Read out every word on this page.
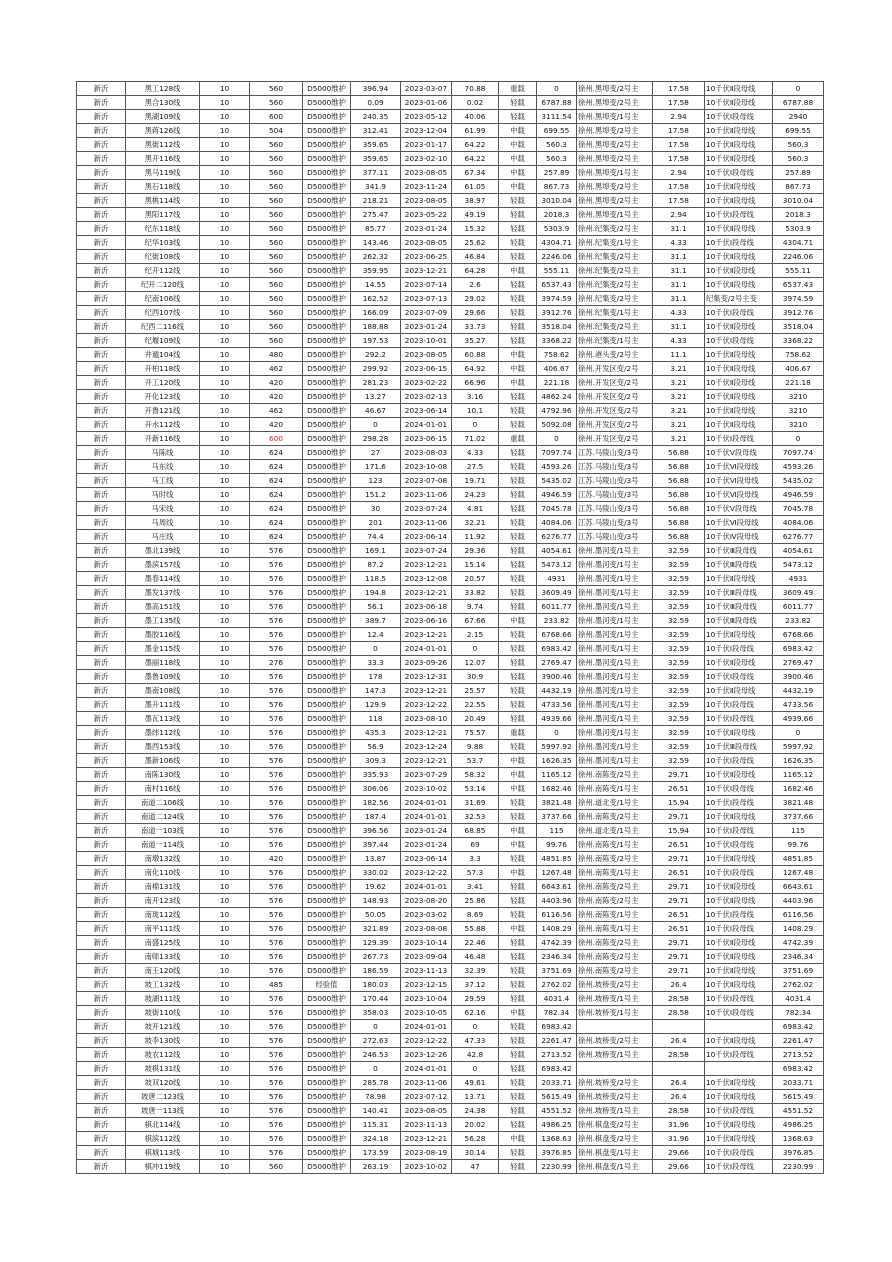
新沂	黑工128线	10	560	D5000维护	396.94	2023-03-07	70.88	重载	0	徐州.黑埠变/2号主	17.58	10千伏Ⅱ段母线	0
新沂	黑合130线	10	560	D5000维护	0.09	2023-01-06	0.02	轻载	6787.88	徐州.黑埠变/2号主	17.58	10千伏Ⅱ段母线	6787.88
新沂	黑湖109线	10	600	D5000维护	240.35	2023-05-12	40.06	轻载	3111.54	徐州.黑埠变/1号主	2.94	10千伏Ⅰ段母线	2940
新沂	黑蒋126线	10	504	D5000维护	312.41	2023-12-04	61.99	中载	699.55	徐州.黑埠变/2号主	17.58	10千伏Ⅱ段母线	699.55
新沂	黑街112线	10	560	D5000维护	359.65	2023-01-17	64.22	中载	560.3	徐州.黑埠变/2号主	17.58	10千伏Ⅱ段母线	560.3
新沂	黑开116线	10	560	D5000维护	359.65	2023-02-10	64.22	中载	560.3	徐州.黑埠变/2号主	17.58	10千伏Ⅱ段母线	560.3
新沂	黑马119线	10	560	D5000维护	377.11	2023-08-05	67.34	中载	257.89	徐州.黑埠变/1号主	2.94	10千伏Ⅰ段母线	257.89
新沂	黑石118线	10	560	D5000维护	341.9	2023-11-24	61.05	中载	867.73	徐州.黑埠变/2号主	17.58	10千伏Ⅱ段母线	867.73
新沂	黑桃114线	10	560	D5000维护	218.21	2023-08-05	38.97	轻载	3010.04	徐州.黑埠变/2号主	17.58	10千伏Ⅱ段母线	3010.04
新沂	黑阳117线	10	560	D5000维护	275.47	2023-05-22	49.19	轻载	2018.3	徐州.黑埠变/1号主	2.94	10千伏Ⅰ段母线	2018.3
新沂	纪东118线	10	560	D5000维护	85.77	2023-01-24	15.32	轻载	5303.9	徐州.纪集变/2号主	31.1	10千伏Ⅱ段母线	5303.9
新沂	纪华103线	10	560	D5000维护	143.46	2023-08-05	25.62	轻载	4304.71	徐州.纪集变/1号主	4.33	10千伏Ⅰ段母线	4304.71
新沂	纪街108线	10	560	D5000维护	262.32	2023-06-25	46.84	轻载	2246.06	徐州.纪集变/2号主	31.1	10千伏Ⅱ段母线	2246.06
新沂	纪开112线	10	560	D5000维护	359.95	2023-12-21	64.28	中载	555.11	徐州.纪集变/2号主	31.1	10千伏Ⅱ段母线	555.11
新沂	纪开二120线	10	560	D5000维护	14.55	2023-07-14	2.6	轻载	6537.43	徐州.纪集变/2号主	31.1	10千伏Ⅱ段母线	6537.43
新沂	纪南106线	10	560	D5000维护	162.52	2023-07-13	29.02	轻载	3974.59	徐州.纪集变/2号主	31.1	纪集变/2号主变	3974.59
新沂	纪西107线	10	560	D5000维护	166.09	2023-07-09	29.66	轻载	3912.76	徐州.纪集变/1号主	4.33	10千伏Ⅰ段母线	3912.76
新沂	纪西二116线	10	560	D5000维护	188.88	2023-01-24	33.73	轻载	3518.04	徐州.纪集变/2号主	31.1	10千伏Ⅱ段母线	3518.04
新沂	纪堰109线	10	560	D5000维护	197.53	2023-10-01	35.27	轻载	3368.22	徐州.纪集变/1号主	4.33	10千伏Ⅰ段母线	3368.22
新沂	井遁104线	10	480	D5000维护	292.2	2023-08-05	60.88	中载	758.62	徐州.港头变/2号主	11.1	10千伏Ⅱ段母线	758.62
新沂	开柏118线	10	462	D5000维护	299.92	2023-06-15	64.92	中载	406.67	徐州.开发区变/2号	3.21	10千伏Ⅱ段母线	406.67
新沂	开工120线	10	420	D5000维护	281.23	2023-02-22	66.96	中载	221.18	徐州.开发区变/2号	3.21	10千伏Ⅱ段母线	221.18
新沂	开化123线	10	420	D5000维护	13.27	2023-02-13	3.16	轻载	4862.24	徐州.开发区变/2号	3.21	10千伏Ⅱ段母线	3210
新沂	开鲁121线	10	462	D5000维护	46.67	2023-06-14	10.1	轻载	4792.96	徐州.开发区变/2号	3.21	10千伏Ⅱ段母线	3210
新沂	开水112线	10	420	D5000维护	0	2024-01-01	0	轻载	5092.08	徐州.开发区变/2号	3.21	10千伏Ⅱ段母线	3210
新沂	开新116线	10	600	D5000维护	298.28	2023-06-15	71.02	重载	0	徐州.开发区变/2号	3.21	10千伏Ⅰ段母线	0
新沂	马陈线	10	624	D5000维护	27	2023-08-03	4.33	轻载	7097.74	江苏.马陵山变/3号	56.88	10千伏Ⅴ段母线	7097.74
新沂	马东线	10	624	D5000维护	171.6	2023-10-08	27.5	轻载	4593.26	江苏.马陵山变/3号	56.88	10千伏Ⅵ段母线	4593.26
新沂	马工线	10	624	D5000维护	123	2023-07-08	19.71	轻载	5435.02	江苏.马陵山变/3号	56.88	10千伏Ⅵ段母线	5435.02
新沂	马时线	10	624	D5000维护	151.2	2023-11-06	24.23	轻载	4946.59	江苏.马陵山变/3号	56.88	10千伏Ⅵ段母线	4946.59
新沂	马宋线	10	624	D5000维护	30	2023-07-24	4.81	轻载	7045.78	江苏.马陵山变/3号	56.88	10千伏Ⅴ段母线	7045.78
新沂	马周线	10	624	D5000维护	201	2023-11-06	32.21	轻载	4084.06	江苏.马陵山变/3号	56.88	10千伏Ⅵ段母线	4084.06
新沂	马庄线	10	624	D5000维护	74.4	2023-06-14	11.92	轻载	6276.77	江苏.马陵山变/3号	56.88	10千伏Ⅳ段母线	6276.77
新沂	墨北139线	10	576	D5000维护	169.1	2023-07-24	29.36	轻载	4054.61	徐州.墨河变/1号主	32.59	10千伏Ⅲ段母线	4054.61
新沂	墨滨157线	10	576	D5000维护	87.2	2023-12-21	15.14	轻载	5473.12	徐州.墨河变/1号主	32.59	10千伏Ⅲ段母线	5473.12
新沂	墨春114线	10	576	D5000维护	118.5	2023-12-08	20.57	轻载	4931	徐州.墨河变/1号主	32.59	10千伏Ⅱ段母线	4931
新沂	墨发137线	10	576	D5000维护	194.8	2023-12-21	33.82	轻载	3609.49	徐州.墨河变/1号主	32.59	10千伏Ⅲ段母线	3609.49
新沂	墨高151线	10	576	D5000维护	56.1	2023-06-18	9.74	轻载	6011.77	徐州.墨河变/1号主	32.59	10千伏Ⅲ段母线	6011.77
新沂	墨工135线	10	576	D5000维护	389.7	2023-06-16	67.66	中载	233.82	徐州.墨河变/1号主	32.59	10千伏Ⅲ段母线	233.82
新沂	墨胶116线	10	576	D5000维护	12.4	2023-12-21	2.15	轻载	6768.66	徐州.墨河变/1号主	32.59	10千伏Ⅱ段母线	6768.66
新沂	墨金115线	10	576	D5000维护	0	2024-01-01	0	轻载	6983.42	徐州.墨河变/1号主	32.59	10千伏Ⅰ段母线	6983.42
新沂	墨丽118线	10	276	D5000维护	33.3	2023-09-26	12.07	轻载	2769.47	徐州.墨河变/1号主	32.59	10千伏Ⅱ段母线	2769.47
新沂	墨鲁109线	10	576	D5000维护	178	2023-12-31	30.9	轻载	3900.46	徐州.墨河变/1号主	32.59	10千伏Ⅰ段母线	3900.46
新沂	墨南108线	10	576	D5000维护	147.3	2023-12-21	25.57	轻载	4432.19	徐州.墨河变/1号主	32.59	10千伏Ⅱ段母线	4432.19
新沂	墨升111线	10	576	D5000维护	129.9	2023-12-22	22.55	轻载	4733.56	徐州.墨河变/1号主	32.59	10千伏Ⅰ段母线	4733.56
新沂	墨瓦113线	10	576	D5000维护	118	2023-08-10	20.49	轻载	4939.66	徐州.墨河变/1号主	32.59	10千伏Ⅰ段母线	4939.66
新沂	墨纬112线	10	576	D5000维护	435.3	2023-12-21	75.57	重载	0	徐州.墨河变/1号主	32.59	10千伏Ⅱ段母线	0
新沂	墨西153线	10	576	D5000维护	56.9	2023-12-24	9.88	轻载	5997.92	徐州.墨河变/1号主	32.59	10千伏Ⅲ段母线	5997.92
新沂	墨新106线	10	576	D5000维护	309.3	2023-12-21	53.7	中载	1626.35	徐州.墨河变/1号主	32.59	10千伏Ⅰ段母线	1626.35
新沂	南陈130线	10	576	D5000维护	335.93	2023-07-29	58.32	中载	1165.12	徐州.南陈变/2号主	29.71	10千伏Ⅱ段母线	1165.12
新沂	南村116线	10	576	D5000维护	306.06	2023-10-02	53.14	中载	1682.46	徐州.南陈变/1号主	26.51	10千伏Ⅰ段母线	1682.46
新沂	南道二106线	10	576	D5000维护	182.56	2024-01-01	31.69	轻载	3821.48	徐州.道北变/1号主	15.94	10千伏Ⅰ段母线	3821.48
新沂	南道二124线	10	576	D5000维护	187.4	2024-01-01	32.53	轻载	3737.66	徐州.南陈变/2号主	29.71	10千伏Ⅱ段母线	3737.66
新沂	南道一103线	10	576	D5000维护	396.56	2023-01-24	68.85	中载	115	徐州.道北变/1号主	15.94	10千伏Ⅰ段母线	115
新沂	南道一114线	10	576	D5000维护	397.44	2023-01-24	69	中载	99.76	徐州.南陈变/1号主	26.51	10千伏Ⅰ段母线	99.76
新沂	南墩132线	10	420	D5000维护	13.87	2023-06-14	3.3	轻载	4851.85	徐州.南陈变/2号主	29.71	10千伏Ⅱ段母线	4851.85
新沂	南化110线	10	576	D5000维护	330.02	2023-12-22	57.3	中载	1267.48	徐州.南陈变/1号主	26.51	10千伏Ⅰ段母线	1267.48
新沂	南棉131线	10	576	D5000维护	19.62	2024-01-01	3.41	轻载	6643.61	徐州.南陈变/2号主	29.71	10千伏Ⅱ段母线	6643.61
新沂	南开123线	10	576	D5000维护	148.93	2023-08-20	25.86	轻载	4403.96	徐州.南陈变/2号主	29.71	10千伏Ⅱ段母线	4403.96
新沂	南珑112线	10	576	D5000维护	50.05	2023-03-02	8.69	轻载	6116.56	徐州.南陈变/1号主	26.51	10千伏Ⅰ段母线	6116.56
新沂	南平111线	10	576	D5000维护	321.89	2023-08-08	55.88	中载	1408.29	徐州.南陈变/1号主	26.51	10千伏Ⅰ段母线	1408.29
新沂	南盛125线	10	576	D5000维护	129.39	2023-10-14	22.46	轻载	4742.39	徐州.南陈变/2号主	29.71	10千伏Ⅱ段母线	4742.39
新沂	南师133线	10	576	D5000维护	267.73	2023-09-04	46.48	轻载	2346.34	徐州.南陈变/2号主	29.71	10千伏Ⅱ段母线	2346.34
新沂	南王120线	10	576	D5000维护	186.59	2023-11-13	32.39	轻载	3751.69	徐州.南陈变/2号主	29.71	10千伏Ⅱ段母线	3751.69
新沂	坡工132线	10	485	经验值	180.03	2023-12-15	37.12	轻载	2762.02	徐州.坡桥变/2号主	26.4	10千伏Ⅱ段母线	2762.02
新沂	坡湖111线	10	576	D5000维护	170.44	2023-10-04	29.59	轻载	4031.4	徐州.坡桥变/1号主	28.58	10千伏Ⅰ段母线	4031.4
新沂	坡街110线	10	576	D5000维护	358.03	2023-10-05	62.16	中载	782.34	徐州.坡桥变/1号主	28.58	10千伏Ⅰ段母线	782.34
新沂	坡开121线	10	576	D5000维护	0	2024-01-01	0	轻载	6983.42				6983.42
新沂	坡李130线	10	576	D5000维护	272.63	2023-12-22	47.33	轻载	2261.47	徐州.坡桥变/2号主	26.4	10千伏Ⅱ段母线	2261.47
新沂	坡农112线	10	576	D5000维护	246.53	2023-12-26	42.8	轻载	2713.52	徐州.坡桥变/1号主	28.58	10千伏Ⅰ段母线	2713.52
新沂	坡棋131线	10	576	D5000维护	0	2024-01-01	0	轻载	6983.42				6983.42
新沂	坡双120线	10	576	D5000维护	285.78	2023-11-06	49.61	轻载	2033.71	徐州.坡桥变/2号主	26.4	10千伏Ⅱ段母线	2033.71
新沂	坡唐二123线	10	576	D5000维护	78.98	2023-07-12	13.71	轻载	5615.49	徐州.坡桥变/2号主	26.4	10千伏Ⅱ段母线	5615.49
新沂	坡唐一113线	10	576	D5000维护	140.41	2023-08-05	24.38	轻载	4551.52	徐州.坡桥变/1号主	28.58	10千伏Ⅰ段母线	4551.52
新沂	棋北114线	10	576	D5000维护	115.31	2023-11-13	20.02	轻载	4986.25	徐州.棋盘变/2号主	31.96	10千伏Ⅱ段母线	4986.25
新沂	棋滨112线	10	576	D5000维护	324.18	2023-12-21	56.28	中载	1368.63	徐州.棋盘变/2号主	31.96	10千伏Ⅱ段母线	1368.63
新沂	棋城113线	10	576	D5000维护	173.59	2023-08-19	30.14	轻载	3976.85	徐州.棋盘变/1号主	29.66	10千伏Ⅰ段母线	3976.85
新沂	棋冲119线	10	560	D5000维护	263.19	2023-10-02	47	轻载	2230.99	徐州.棋盘变/1号主	29.66	10千伏Ⅰ段母线	2230.99
